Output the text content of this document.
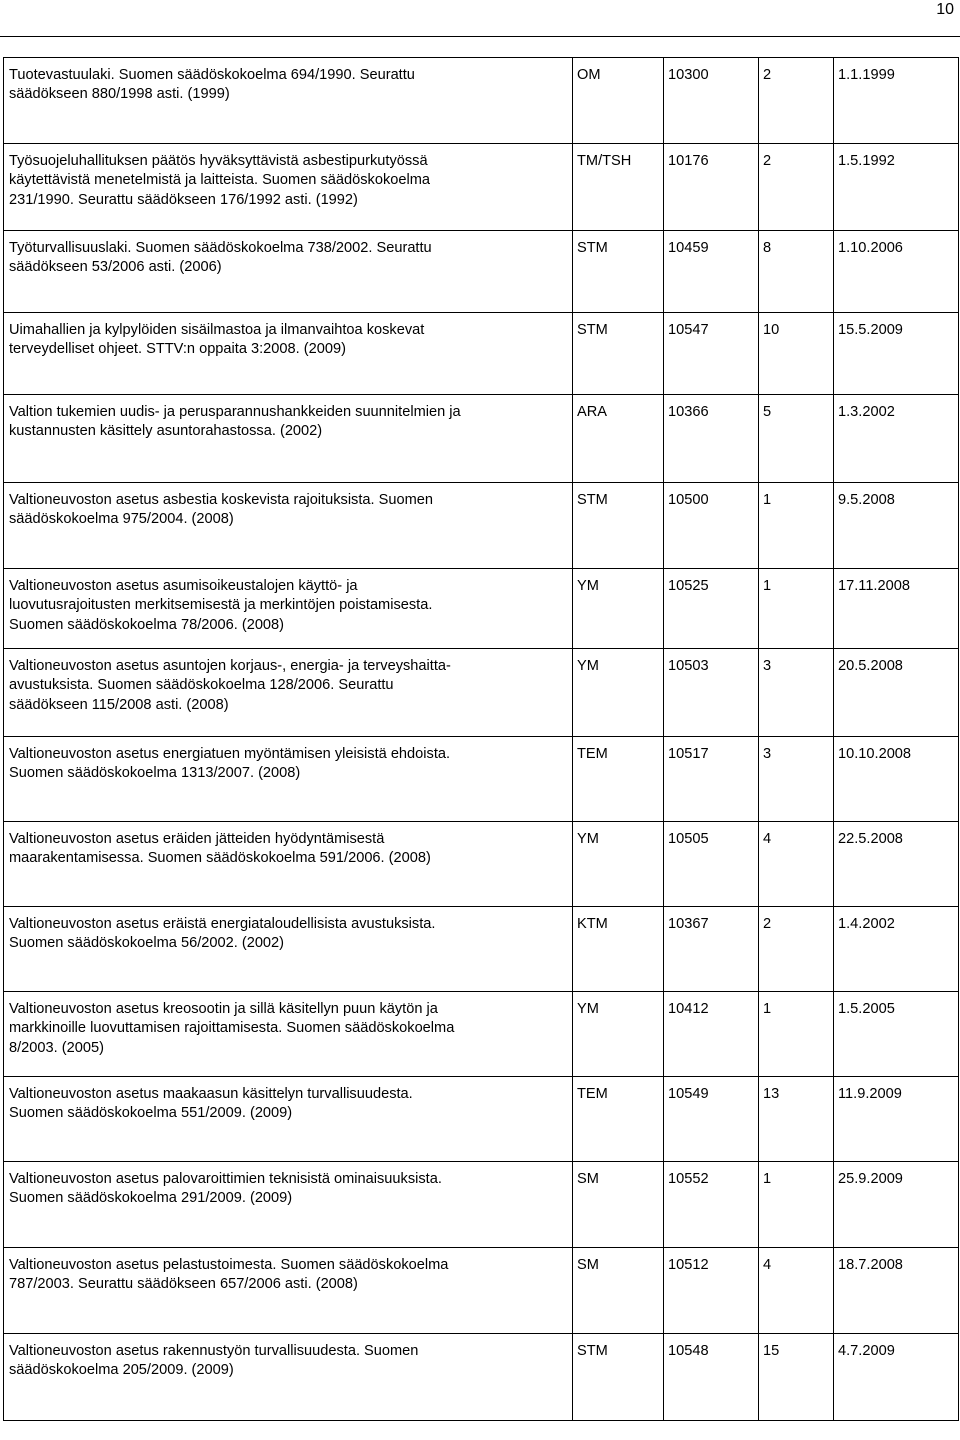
10
Tuotevastuulaki. Suomen säädöskokoelma 694/1990. Seurattu
säädökseen 880/1998 asti. (1999)	OM	10300	2	1.1.1999

Työsuojeluhallituksen päätös hyväksyttävistä asbestipurkutyössä
käytettävistä menetelmistä ja laitteista. Suomen säädöskokoelma
231/1990. Seurattu säädökseen 176/1992 asti. (1992)	TM/TSH	10176	2	1.5.1992

Työturvallisuuslaki. Suomen säädöskokoelma 738/2002. Seurattu
säädökseen 53/2006 asti. (2006)	STM	10459	8	1.10.2006

Uimahallien ja kylpylöiden sisäilmastoa ja ilmanvaihtoa koskevat
terveydelliset ohjeet. STTV:n oppaita 3:2008. (2009)	STM	10547	10	15.5.2009

Valtion tukemien uudis- ja perusparannushankkeiden suunnitelmien ja
kustannusten käsittely asuntorahastossa. (2002)	ARA	10366	5	1.3.2002

Valtioneuvoston asetus asbestia koskevista rajoituksista. Suomen
säädöskokoelma 975/2004. (2008)	STM	10500	1	9.5.2008

Valtioneuvoston asetus asumisoikeustalojen käyttö- ja
luovutusrajoitusten merkitsemisestä ja merkintöjen poistamisesta.
Suomen säädöskokoelma 78/2006. (2008)	YM	10525	1	17.11.2008

Valtioneuvoston asetus asuntojen korjaus-, energia- ja terveyshaitta-
avustuksista. Suomen säädöskokoelma 128/2006. Seurattu
säädökseen 115/2008 asti. (2008)	YM	10503	3	20.5.2008

Valtioneuvoston asetus energiatuen myöntämisen yleisistä ehdoista.
Suomen säädöskokoelma 1313/2007. (2008)	TEM	10517	3	10.10.2008

Valtioneuvoston asetus eräiden jätteiden hyödyntämisestä
maarakentamisessa. Suomen säädöskokoelma 591/2006. (2008)	YM	10505	4	22.5.2008

Valtioneuvoston asetus eräistä energiataloudellisista avustuksista.
Suomen säädöskokoelma 56/2002. (2002)	KTM	10367	2	1.4.2002

Valtioneuvoston asetus kreosootin ja sillä käsitellyn puun käytön ja
markkinoille luovuttamisen rajoittamisesta. Suomen säädöskokoelma
8/2003. (2005)	YM	10412	1	1.5.2005

Valtioneuvoston asetus maakaasun käsittelyn turvallisuudesta.
Suomen säädöskokoelma 551/2009. (2009)	TEM	10549	13	11.9.2009

Valtioneuvoston asetus palovaroittimien teknisistä ominaisuuksista.
Suomen säädöskokoelma 291/2009. (2009)	SM	10552	1	25.9.2009

Valtioneuvoston asetus pelastustoimesta. Suomen säädöskokoelma
787/2003. Seurattu säädökseen 657/2006 asti. (2008)	SM	10512	4	18.7.2008

Valtioneuvoston asetus rakennustyön turvallisuudesta. Suomen
säädöskokoelma 205/2009. (2009)	STM	10548	15	4.7.2009
